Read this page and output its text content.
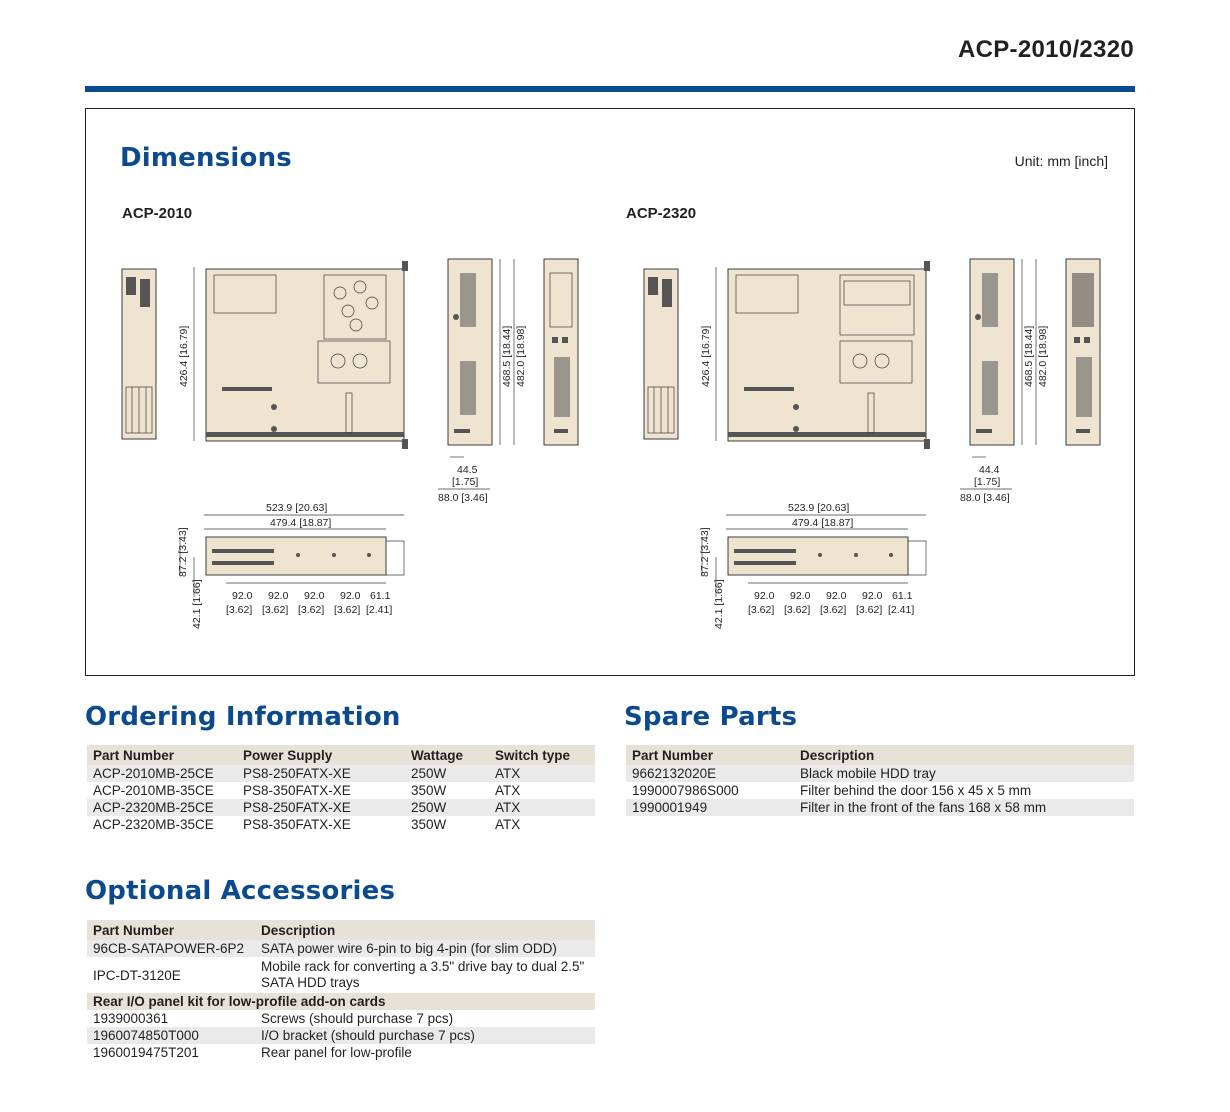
ACP-2010/2320
Dimensions	Unit: mm [inch]
ACP-2010	ACP-2320
426.4 [16.79]	468.5 [18.44] 482.0 [18.98]
44.5
[1.75]
88.0 [3.46]
523.9 [20.63]
479.4 [18.87]
87.2 [3.43]
42.1 [1.66]	92.0 92.0 92.0 92.0 61.1
[3.62] [3.62] [3.62] [3.62] [2.41]
426.4 [16.79]	468.5 [18.44] 482.0 [18.98]
44.4
[1.75]
88.0 [3.46]
523.9 [20.63]
479.4 [18.87]
87.2 [3.43]
42.1 [1.66]	92.0 92.0 92.0 92.0 61.1
[3.62] [3.62] [3.62] [3.62] [2.41]
Ordering Information
Part Number	Power Supply	Wattage	Switch type
ACP-2010MB-25CE	PS8-250FATX-XE	250W	ATX
ACP-2010MB-35CE	PS8-350FATX-XE	350W	ATX
ACP-2320MB-25CE	PS8-250FATX-XE	250W	ATX
ACP-2320MB-35CE	PS8-350FATX-XE	350W	ATX
Spare Parts
Part Number	Description
9662132020E	Black mobile HDD tray
1990007986S000	Filter behind the door 156 x 45 x 5 mm
1990001949	Filter in the front of the fans 168 x 58 mm
Optional Accessories
Part Number	Description
96CB-SATAPOWER-6P2	SATA power wire 6-pin to big 4-pin (for slim ODD)
IPC-DT-3120E	Mobile rack for converting a 3.5" drive bay to dual 2.5" SATA HDD trays
Rear I/O panel kit for low-profile add-on cards	
1939000361	Screws (should purchase 7 pcs)
1960074850T000	I/O bracket (should purchase 7 pcs)
1960019475T201	Rear panel for low-profile
